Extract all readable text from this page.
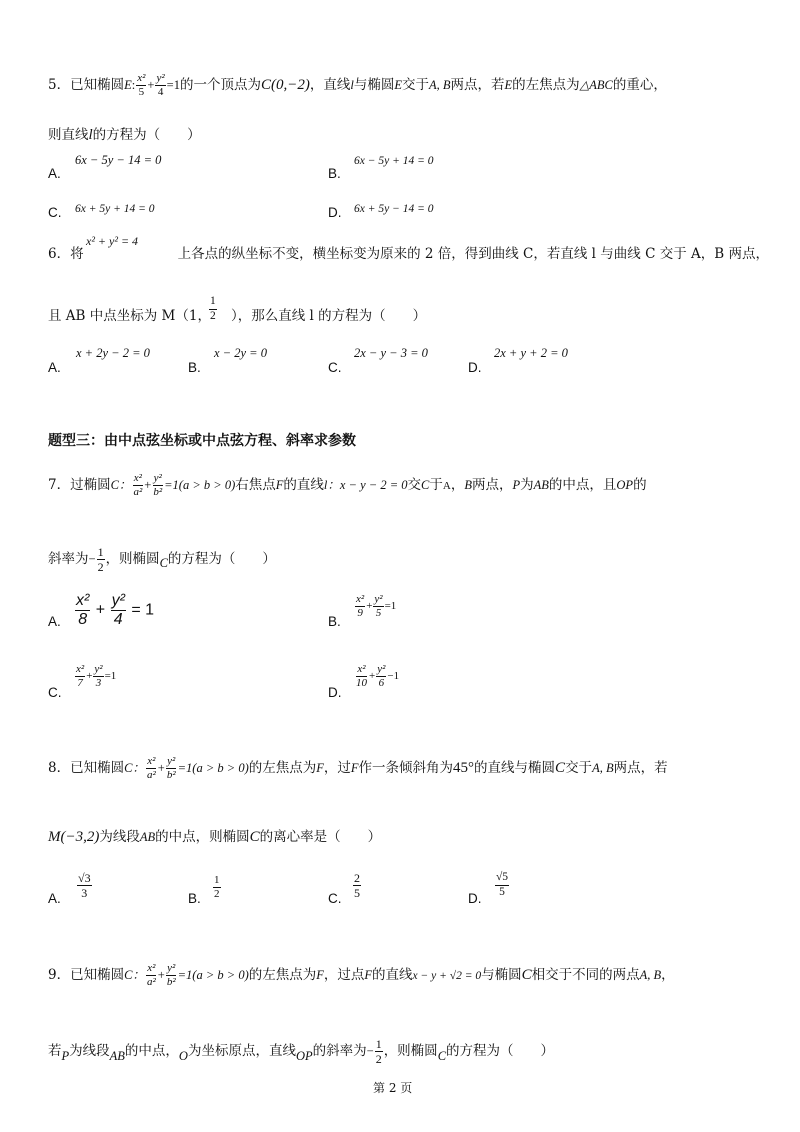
5．已知椭圆E: $\frac{\text{x²}}{5} + \frac{\text{y²}}{4} =1$的一个顶点为C(0,−2)，直线l与椭圆E交于A, B两点，若E的左焦点为△ABC的重心，
则直线l的方程为（　　）
A.
6x − 5y − 14 = 0
B.
6x − 5y + 14 = 0
C. 6x + 5y + 14 = 0	D. 6x + 5y − 14 = 0
x² + y² = 4
6．将	上各点的纵坐标不变，横坐标变为原来的 2 倍，得到曲线 C，若直线 l 与曲线 C 交于 A，B 两点，
$\frac{1}{2}$
且 AB 中点坐标为 M（1， ），那么直线 l 的方程为（　　）
A.
x + 2y − 2 = 0
B.
x − 2y = 0
C.
2x − y − 3 = 0
D.
2x + y + 2 = 0
题型三：由中点弦坐标或中点弦方程、斜率求参数
7．过椭圆C： $\frac{\text{x²}}{\text{a²}} + \frac{\text{y²}}{\text{b²}} =1(a > b > 0)$右焦点F的直线l：x − y − 2 = 0交C于A，B两点，P为AB的中点，且OP的
斜率为− $\frac{1}{2}$ ，则椭圆C的方程为（　　）
A. $\frac{\text{x²}}{8} + \frac{\text{y²}}{4} = 1$
B.
$\frac{\text{x²}}{9} + \frac{\text{y²}}{5} =1$
C.
$\frac{\text{x²}}{7} + \frac{\text{y²}}{3} =1$
D.
$\frac{\text{x²}}{10} + \frac{\text{y²}}{6} -1$
8．已知椭圆C： $\frac{\text{x²}}{\text{a²}} + \frac{\text{y²}}{\text{b²}} =1(a > b > 0)$的左焦点为F，过F作一条倾斜角为45°的直线与椭圆C交于A, B两点，若
M(−3,2)为线段AB的中点，则椭圆C的离心率是（　　）
A. $\frac{√3}{3}$	B. $\frac{1}{2}$	C. $\frac{2}{5}$	D.
$\frac{√5}{5}$
9．已知椭圆C： $\frac{\text{x²}}{\text{a²}} + \frac{\text{y²}}{\text{b²}} =1(a > b > 0)$的左焦点为F，过点F的直线x − y + √2 = 0与椭圆C相交于不同的两点A, B，
若P为线段AB的中点，O为坐标原点，直线OP的斜率为− $\frac{1}{2}$ ，则椭圆C的方程为（　　）
第 2 页
